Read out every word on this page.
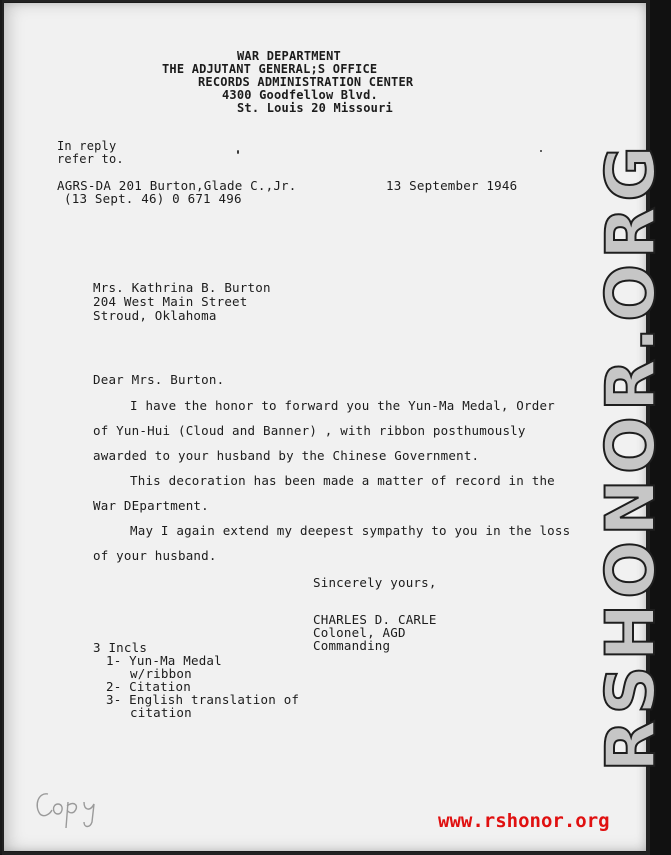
WAR DEPARTMENT
THE ADJUTANT GENERAL;S OFFICE
RECORDS ADMINISTRATION CENTER
4300 Goodfellow Blvd.
St. Louis 20 Missouri
In reply
refer to.
AGRS-DA 201 Burton,Glade C.,Jr.
(13 Sept. 46) 0 671 496
13 September 1946
Mrs. Kathrina B. Burton
204 West Main Street
Stroud, Oklahoma
Dear Mrs. Burton.
I have the honor to forward you the Yun-Ma Medal, Order
of Yun-Hui (Cloud and Banner) , with ribbon posthumously
awarded to your husband by the Chinese Government.
This decoration has been made a matter of record in the
War DEpartment.
May I again extend my deepest sympathy to you in the loss
of your husband.
Sincerely yours,
CHARLES D. CARLE
Colonel, AGD
Commanding
3 Incls
1- Yun-Ma Medal
w/ribbon
2- Citation
3- English translation of
citation	RSHONOR.ORG
www.rshonor.org
